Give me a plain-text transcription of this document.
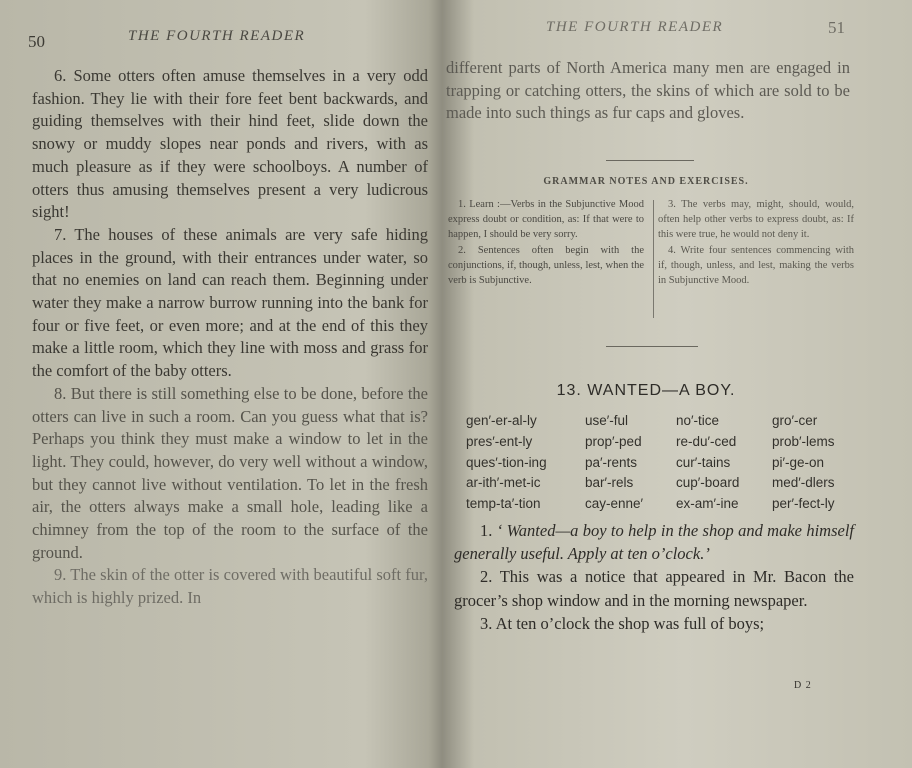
50	THE FOURTH READER

6. Some otters often amuse themselves in a very odd fashion. They lie with their fore feet bent backwards, and guiding themselves with their hind feet, slide down the snowy or muddy slopes near ponds and rivers, with as much pleasure as if they were schoolboys. A number of otters thus amusing themselves present a very ludicrous sight!

7. The houses of these animals are very safe hiding places in the ground, with their entrances under water, so that no enemies on land can reach them. Beginning under water they make a narrow burrow running into the bank for four or five feet, or even more; and at the end of this they make a little room, which they line with moss and grass for the comfort of the baby otters.

8. But there is still something else to be done, before the otters can live in such a room. Can you guess what that is? Perhaps you think they must make a window to let in the light. They could, however, do very well without a window, but they cannot live without ventilation. To let in the fresh air, the otters always make a small hole, leading like a chimney from the top of the room to the surface of the ground.

9. The skin of the otter is covered with beautiful soft fur, which is highly prized. In

THE FOURTH READER	51

different parts of North America many men are engaged in trapping or catching otters, the skins of which are sold to be made into such things as fur caps and gloves.

GRAMMAR NOTES AND EXERCISES.

1. Learn :—Verbs in the Subjunctive Mood express doubt or condition, as: If that were to happen, I should be very sorry.

2. Sentences often begin with the conjunctions, if, though, unless, lest, when the verb is Subjunctive.

3. The verbs may, might, should, would, often help other verbs to express doubt, as: If this were true, he would not deny it.

4. Write four sentences commencing with if, though, unless, and lest, making the verbs in Subjunctive Mood.

13. WANTED—A BOY.

gen′-er-al-ly
pres′-ent-ly
ques′-tion-ing
ar-ith′-met-ic
temp-ta′-tion
use′-ful
prop′-ped
pa′-rents
bar′-rels
cay-enne′
no′-tice
re-du′-ced
cur′-tains
cup′-board
ex-am′-ine
gro′-cer
prob′-lems
pi′-ge-on
med′-dlers
per′-fect-ly

1. ‘ Wanted—a boy to help in the shop and make himself generally useful. Apply at ten o’clock.’

2. This was a notice that appeared in Mr. Bacon the grocer’s shop window and in the morning newspaper.

3. At ten o’clock the shop was full of boys;

D 2
